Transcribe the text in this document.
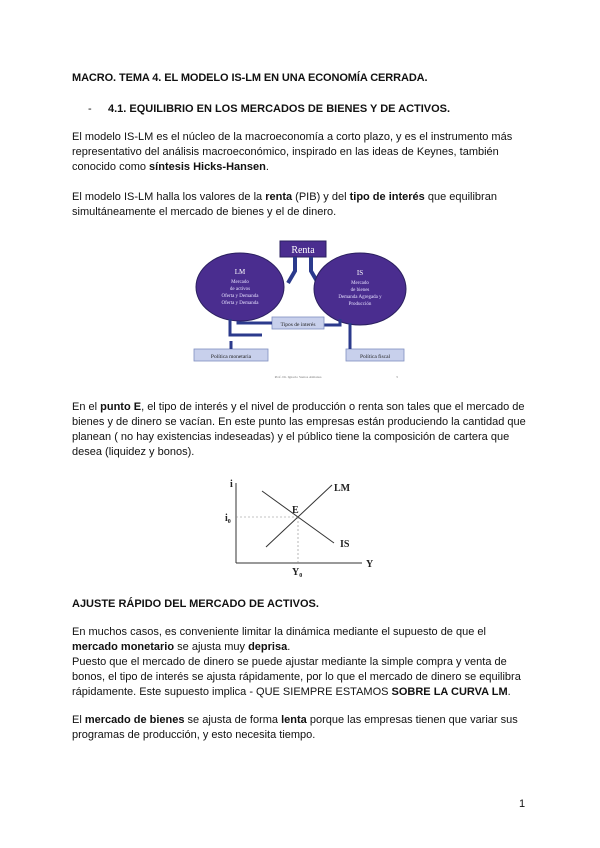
MACRO. TEMA 4. EL MODELO IS-LM EN UNA ECONOMÍA CERRADA.
- 4.1. EQUILIBRIO EN LOS MERCADOS DE BIENES Y DE ACTIVOS.
El modelo IS-LM es el núcleo de la macroeconomía a corto plazo, y es el instrumento más representativo del análisis macroeconómico, inspirado en las ideas de Keynes, también conocido como síntesis Hicks-Hansen.
El modelo IS-LM halla los valores de la renta (PIB) y del tipo de interés que equilibran simultáneamente el mercado de bienes y el de dinero.
Renta
LM
Mercado
de activos
Oferta y Demanda
Oferta y Demanda
IS
Mercado
de bienes
Demanda Agregada y
Producción
Tipos de interés
Política monetaria	Política fiscal
Prof. Dr. Ignacio Santos Almansa	3
En el punto E, el tipo de interés y el nivel de producción o renta son tales que el mercado de bienes y de dinero se vacían. En este punto las empresas están produciendo la cantidad que planean ( no hay existencias indeseadas) y el público tiene la composición de cartera que desea (liquidez y bonos).
i
Y
E
LM
IS
$i_0$
$Y_0$
AJUSTE RÁPIDO DEL MERCADO DE ACTIVOS.
En muchos casos, es conveniente limitar la dinámica mediante el supuesto de que el mercado monetario se ajusta muy deprisa.
Puesto que el mercado de dinero se puede ajustar mediante la simple compra y venta de bonos, el tipo de interés se ajusta rápidamente, por lo que el mercado de dinero se equilibra rápidamente. Este supuesto implica - QUE SIEMPRE ESTAMOS SOBRE LA CURVA LM.
El mercado de bienes se ajusta de forma lenta porque las empresas tienen que variar sus programas de producción, y esto necesita tiempo.
1
